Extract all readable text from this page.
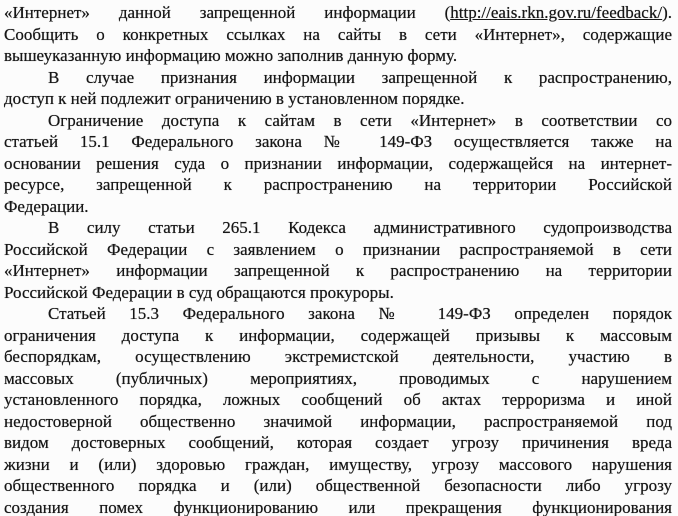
«Интернет» данной запрещенной информации (http://eais.rkn.gov.ru/feedback/).
Сообщить о конкретных ссылках на сайты в сети «Интернет», содержащие
вышеуказанную информацию можно заполнив данную форму.
В случае признания информации запрещенной к распространению,
доступ к ней подлежит ограничению в установленном порядке.
Ограничение доступа к сайтам в сети «Интернет» в соответствии со
статьей 15.1 Федерального закона № 149-ФЗ осуществляется также на
основании решения суда о признании информации, содержащейся на интернет-
ресурсе, запрещенной к распространению на территории Российской
Федерации.
В силу статьи 265.1 Кодекса административного судопроизводства
Российской Федерации с заявлением о признании распространяемой в сети
«Интернет» информации запрещенной к распространению на территории
Российской Федерации в суд обращаются прокуроры.
Статьей 15.3 Федерального закона № 149-ФЗ определен порядок
ограничения доступа к информации, содержащей призывы к массовым
беспорядкам, осуществлению экстремистской деятельности, участию в
массовых (публичных) мероприятиях, проводимых с нарушением
установленного порядка, ложных сообщений об актах терроризма и иной
недостоверной общественно значимой информации, распространяемой под
видом достоверных сообщений, которая создает угрозу причинения вреда
жизни и (или) здоровью граждан, имуществу, угрозу массового нарушения
общественного порядка и (или) общественной безопасности либо угрозу
создания помех функционированию или прекращения функционирования
